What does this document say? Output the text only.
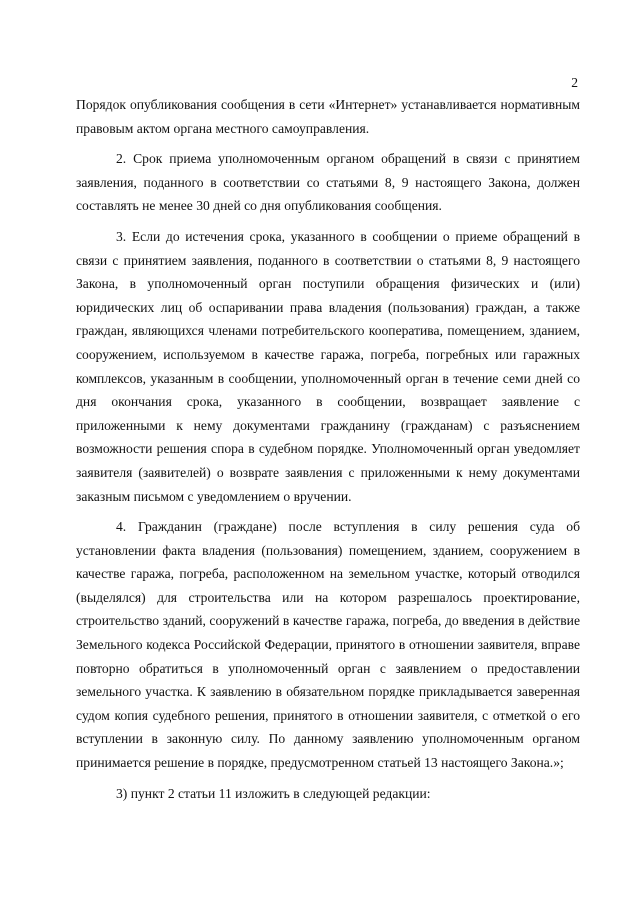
2

Порядок опубликования сообщения в сети «Интернет» устанавливается нормативным правовым актом органа местного самоуправления.

2. Срок приема уполномоченным органом обращений в связи с принятием заявления, поданного в соответствии со статьями 8, 9 настоящего Закона, должен составлять не менее 30 дней со дня опубликования сообщения.

3. Если до истечения срока, указанного в сообщении о приеме обращений в связи с принятием заявления, поданного в соответствии о статьями 8, 9 настоящего Закона, в уполномоченный орган поступили обращения физических и (или) юридических лиц об оспаривании права владения (пользования) граждан, а также граждан, являющихся членами потребительского кооператива, помещением, зданием, сооружением, используемом в качестве гаража, погреба, погребных или гаражных комплексов, указанным в сообщении, уполномоченный орган в течение семи дней со дня окончания срока, указанного в сообщении, возвращает заявление с приложенными к нему документами гражданину (гражданам) с разъяснением возможности решения спора в судебном порядке. Уполномоченный орган уведомляет заявителя (заявителей) о возврате заявления с приложенными к нему документами заказным письмом с уведомлением о вручении.

4. Гражданин (граждане) после вступления в силу решения суда об установлении факта владения (пользования) помещением, зданием, сооружением в качестве гаража, погреба, расположенном на земельном участке, который отводился (выделялся) для строительства или на котором разрешалось проектирование, строительство зданий, сооружений в качестве гаража, погреба, до введения в действие Земельного кодекса Российской Федерации, принятого в отношении заявителя, вправе повторно обратиться в уполномоченный орган с заявлением о предоставлении земельного участка. К заявлению в обязательном порядке прикладывается заверенная судом копия судебного решения, принятого в отношении заявителя, с отметкой о его вступлении в законную силу. По данному заявлению уполномоченным органом принимается решение в порядке, предусмотренном статьей 13 настоящего Закона.»;

3) пункт 2 статьи 11 изложить в следующей редакции:
